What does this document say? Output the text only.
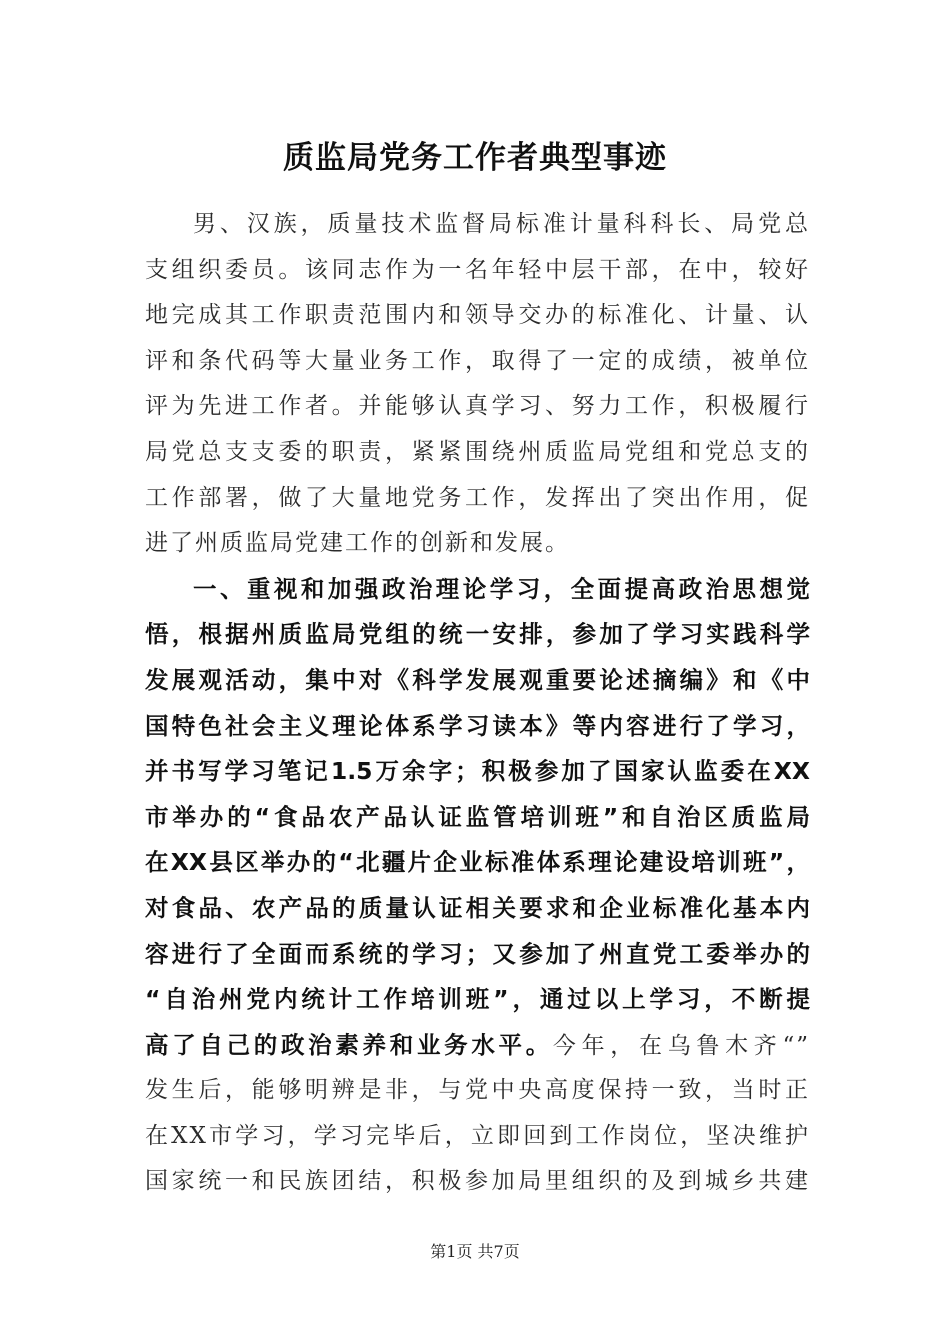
质监局党务工作者典型事迹
男、汉族，质量技术监督局标准计量科科长、局党总
支组织委员。该同志作为一名年轻中层干部，在中，较好
地完成其工作职责范围内和领导交办的标准化、计量、认
评和条代码等大量业务工作，取得了一定的成绩，被单位
评为先进工作者。并能够认真学习、努力工作，积极履行
局党总支支委的职责，紧紧围绕州质监局党组和党总支的
工作部署，做了大量地党务工作，发挥出了突出作用，促
进了州质监局党建工作的创新和发展。
一、重视和加强政治理论学习，全面提高政治思想觉
悟，根据州质监局党组的统一安排，参加了学习实践科学
发展观活动，集中对《科学发展观重要论述摘编》和《中
国特色社会主义理论体系学习读本》等内容进行了学习，
并书写学习笔记1.5万余字；积极参加了国家认监委在XX
市举办的“食品农产品认证监管培训班”和自治区质监局
在XX县区举办的“北疆片企业标准体系理论建设培训班”，
对食品、农产品的质量认证相关要求和企业标准化基本内
容进行了全面而系统的学习；又参加了州直党工委举办的
“自治州党内统计工作培训班”，通过以上学习，不断提
高了自己的政治素养和业务水平。今年，在乌鲁木齐“”
发生后，能够明辨是非，与党中央高度保持一致，当时正
在XX市学习，学习完毕后，立即回到工作岗位，坚决维护
国家统一和民族团结，积极参加局里组织的及到城乡共建
第1页 共7页
